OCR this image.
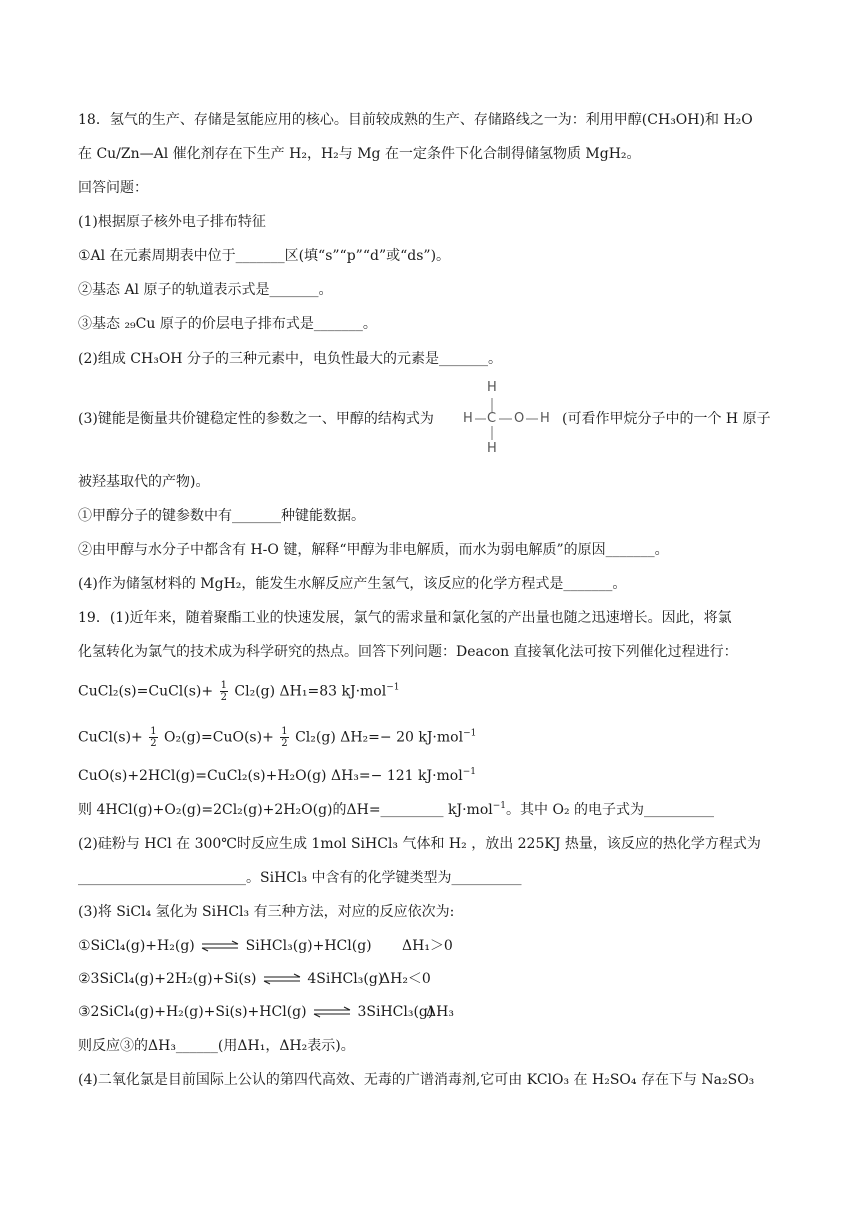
18．氢气的生产、存储是氢能应用的核心。目前较成熟的生产、存储路线之一为：利用甲醇(CH₃OH)和 H₂O
在 Cu/Zn—Al 催化剂存在下生产 H₂，H₂与 Mg 在一定条件下化合制得储氢物质 MgH₂。
回答问题：
(1)根据原子核外电子排布特征
①Al 在元素周期表中位于_______区(填“s”“p”“d”或“ds”)。
②基态 Al 原子的轨道表示式是_______。
③基态 ₂₉Cu 原子的价层电子排布式是_______。
(2)组成 CH₃OH 分子的三种元素中，电负性最大的元素是_______。
(3)键能是衡量共价键稳定性的参数之一、甲醇的结构式为
H
H C O H
H
(可看作甲烷分子中的一个 H 原子
被羟基取代的产物)。
①甲醇分子的键参数中有_______种键能数据。
②由甲醇与水分子中都含有 H-O 键，解释“甲醇为非电解质，而水为弱电解质”的原因_______。
(4)作为储氢材料的 MgH₂，能发生水解反应产生氢气，该反应的化学方程式是_______。
19．(1)近年来，随着聚酯工业的快速发展，氯气的需求量和氯化氢的产出量也随之迅速增长。因此，将氯
化氢转化为氯气的技术成为科学研究的热点。回答下列问题：Deacon 直接氧化法可按下列催化过程进行：
CuCl₂(s)=CuCl(s)+ $\frac{1}{2} Cl_2(g)$ ΔH₁=83 kJ·mol$^{-1}$
CuCl(s)+ $\frac{1}{2} O_2(g)=CuO(s)+ \frac{1}{2} Cl_2(g)$ ΔH₂=− 20 kJ·mol$^{-1}$
CuO(s)+2HCl(g)=CuCl₂(s)+H₂O(g) ΔH₃=− 121 kJ·mol$^{-1}$
则 4HCl(g)+O₂(g)=2Cl₂(g)+2H₂O(g)的ΔH=_________ kJ·mol$^{-1}$。其中 O₂ 的电子式为__________
(2)硅粉与 HCl 在 300℃时反应生成 1mol SiHCl₃ 气体和 H₂ ，放出 225KJ 热量，该反应的热化学方程式为
________________________。SiHCl₃ 中含有的化学键类型为__________
(3)将 SiCl₄ 氢化为 SiHCl₃ 有三种方法，对应的反应依次为:
①SiCl₄(g)+H₂(g) ⇌ SiHCl₃(g)+HCl(g) ΔH₁＞0
②3SiCl₄(g)+2H₂(g)+Si(s) ⇌ 4SiHCl₃(g)
ΔH₂＜0
③2SiCl₄(g)+H₂(g)+Si(s)+HCl(g) ⇌ 3SiHCl₃(g)
ΔH₃
则反应③的ΔH₃______(用ΔH₁，ΔH₂表示)。
(4)二氧化氯是目前国际上公认的第四代高效、无毒的广谱消毒剂,它可由 KClO₃ 在 H₂SO₄ 存在下与 Na₂SO₃
